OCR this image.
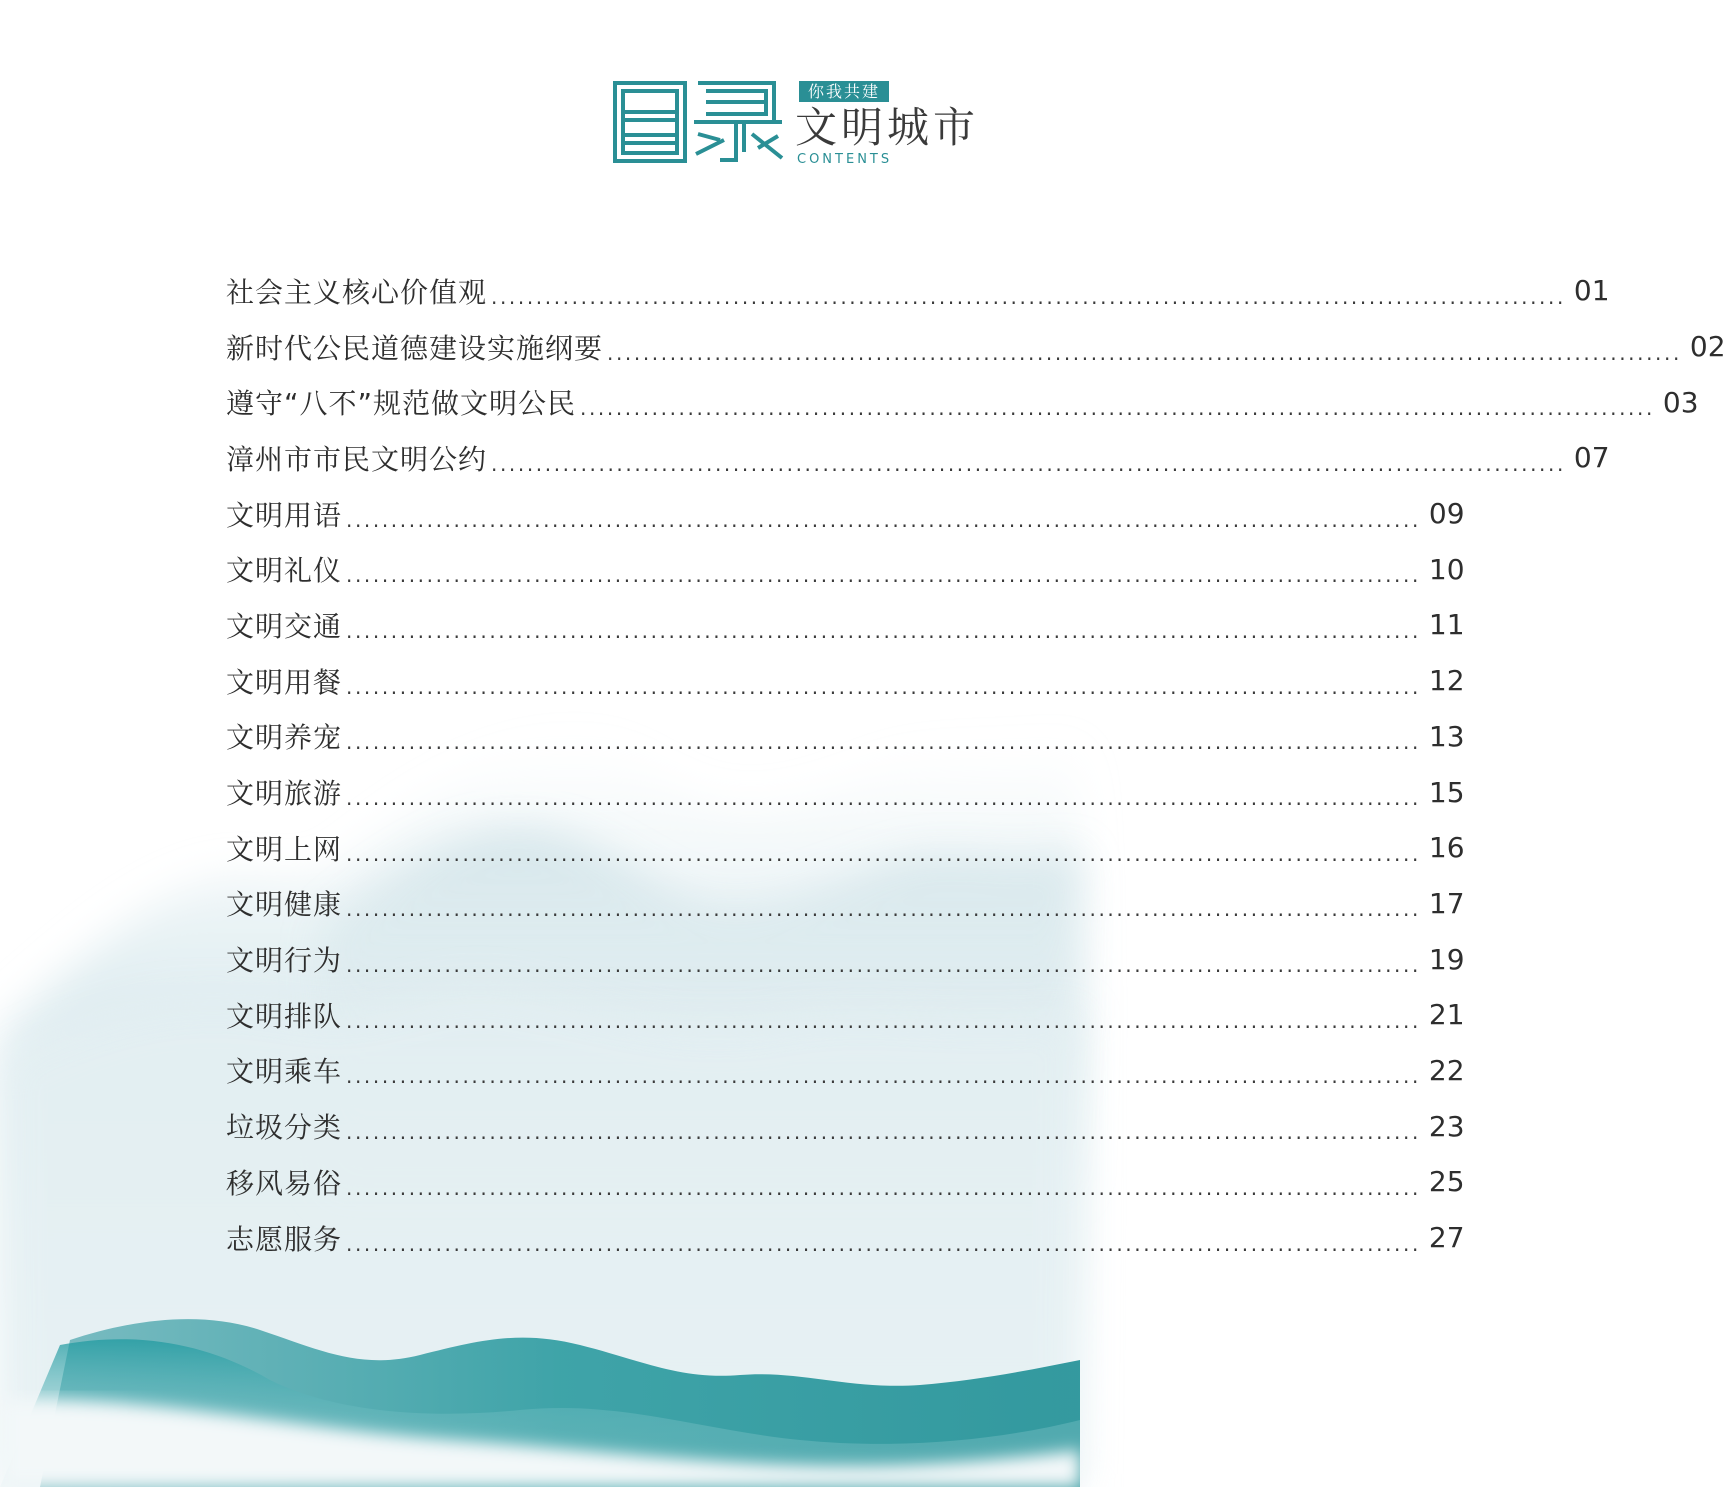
你我共建
文明城市
CONTENTS
社会主义核心价值观 ........................................................................................................................ 01
新时代公民道德建设实施纲要 ........................................................................................................................ 02
遵守“八不”规范做文明公民 ........................................................................................................................ 03
漳州市市民文明公约 ........................................................................................................................ 07
文明用语 ........................................................................................................................ 09
文明礼仪 ........................................................................................................................ 10
文明交通 ........................................................................................................................ 11
文明用餐 ........................................................................................................................ 12
文明养宠 ........................................................................................................................ 13
文明旅游 ........................................................................................................................ 15
文明上网 ........................................................................................................................ 16
文明健康 ........................................................................................................................ 17
文明行为 ........................................................................................................................ 19
文明排队 ........................................................................................................................ 21
文明乘车 ........................................................................................................................ 22
垃圾分类 ........................................................................................................................ 23
移风易俗 ........................................................................................................................ 25
志愿服务 ........................................................................................................................ 27
